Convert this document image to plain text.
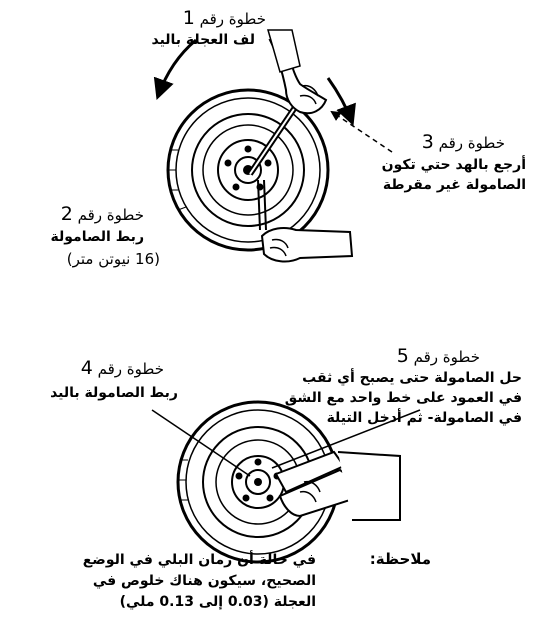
خطوة رقم 1
لف العجلة باليد
خطوة رقم 3
أرجع بالهد حتي تكون
الصامولة غير مقرطة
خطوة رقم 2
ربط الصامولة
(16 نيوتن متر)
خطوة رقم 5
حل الصامولة حتى يصبح أي ثقب
في العمود على خط واحد مع الشق
في الصامولة- ثم أدخل التيلة
خطوة رقم 4
ربط الصامولة باليد
ملاحظة:
في حالة أن رمان البلي في الوضع
الصحيح، سيكون هناك خلوص في
العجلة (0.03 إلى 0.13 ملي)
